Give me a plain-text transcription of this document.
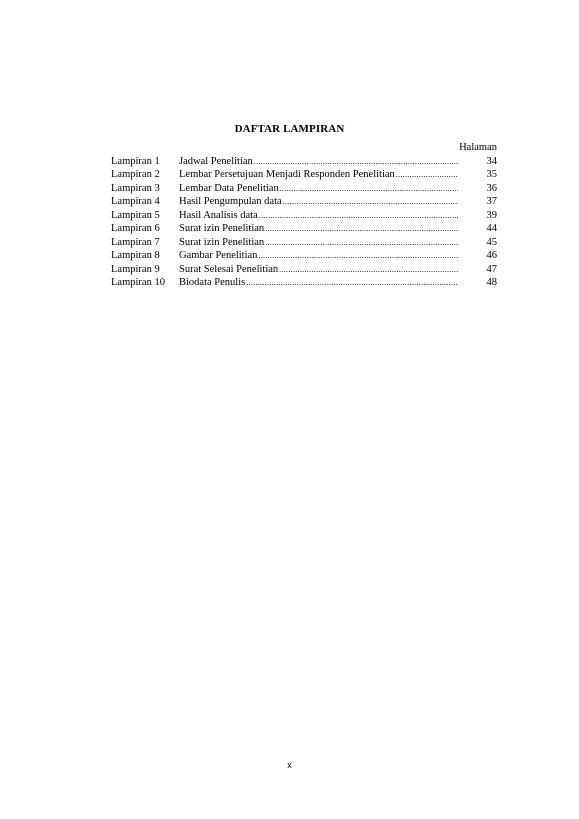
DAFTAR LAMPIRAN
Halaman
Lampiran 1	Jadwal Penelitian .....	34
Lampiran 2	Lembar Persetujuan Menjadi Responden Penelitian .....	35
Lampiran 3	Lembar Data Penelitian .....	36
Lampiran 4	Hasil Pengumpulan data .....	37
Lampiran 5	Hasil Analisis data .....	39
Lampiran 6	Surat izin Penelitian .....	44
Lampiran 7	Surat izin Penelitian .....	45
Lampiran 8	Gambar Penelitian .....	46
Lampiran 9	Surat Selesai Penelitian .....	47
Lampiran 10	Biodata Penulis .....	48
x
